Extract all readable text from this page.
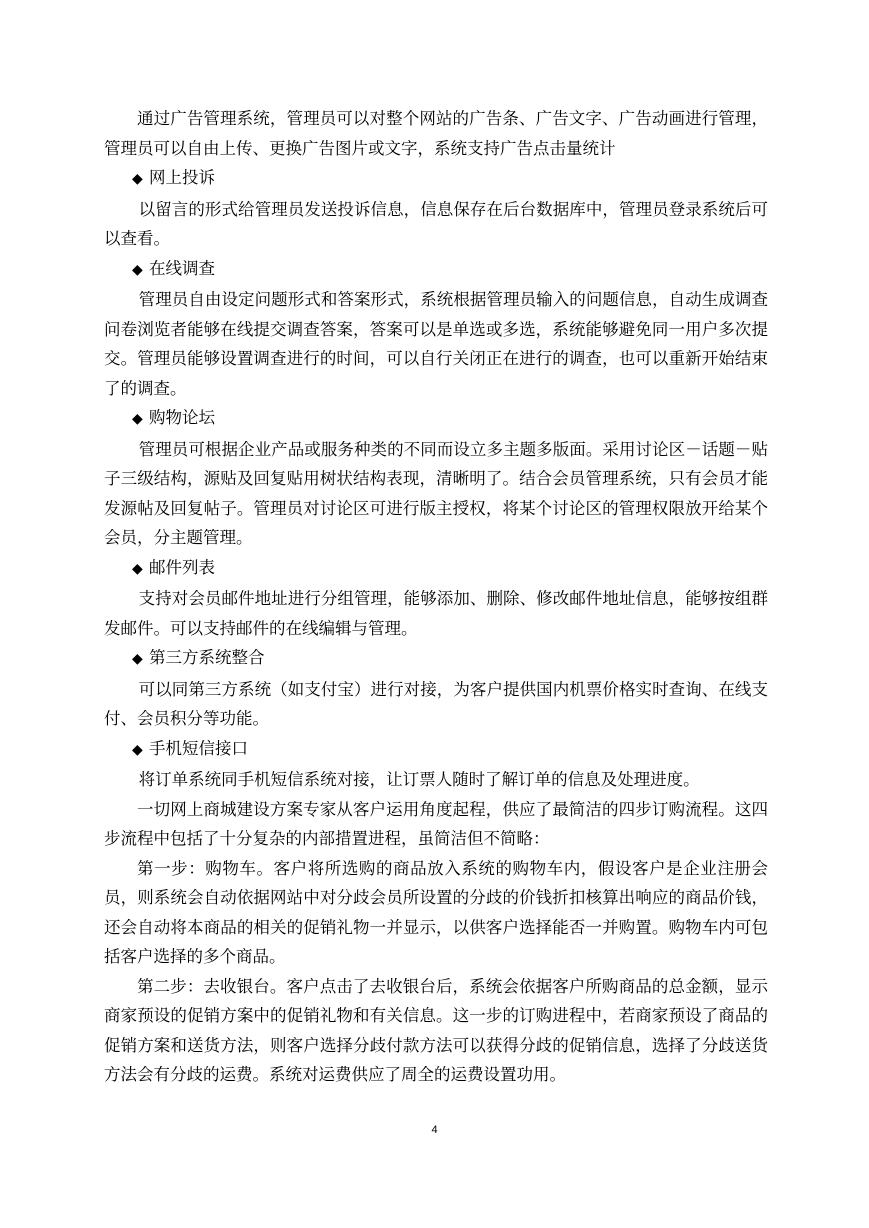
通过广告管理系统，管理员可以对整个网站的广告条、广告文字、广告动画进行管理，管理员可以自由上传、更换广告图片或文字，系统支持广告点击量统计

◆ 网上投诉

以留言的形式给管理员发送投诉信息，信息保存在后台数据库中，管理员登录系统后可以查看。

◆ 在线调查

管理员自由设定问题形式和答案形式，系统根据管理员输入的问题信息，自动生成调查问卷浏览者能够在线提交调查答案，答案可以是单选或多选，系统能够避免同一用户多次提交。管理员能够设置调查进行的时间，可以自行关闭正在进行的调查，也可以重新开始结束了的调查。

◆ 购物论坛

管理员可根据企业产品或服务种类的不同而设立多主题多版面。采用讨论区－话题－贴子三级结构，源贴及回复贴用树状结构表现，清晰明了。结合会员管理系统，只有会员才能发源帖及回复帖子。管理员对讨论区可进行版主授权，将某个讨论区的管理权限放开给某个会员，分主题管理。

◆ 邮件列表

支持对会员邮件地址进行分组管理，能够添加、删除、修改邮件地址信息，能够按组群发邮件。可以支持邮件的在线编辑与管理。

◆ 第三方系统整合

可以同第三方系统（如支付宝）进行对接，为客户提供国内机票价格实时查询、在线支付、会员积分等功能。

◆ 手机短信接口

将订单系统同手机短信系统对接，让订票人随时了解订单的信息及处理进度。

一切网上商城建设方案专家从客户运用角度起程，供应了最简洁的四步订购流程。这四步流程中包括了十分复杂的内部措置进程，虽简洁但不简略：

第一步：购物车。客户将所选购的商品放入系统的购物车内，假设客户是企业注册会员，则系统会自动依据网站中对分歧会员所设置的分歧的价钱折扣核算出响应的商品价钱，还会自动将本商品的相关的促销礼物一并显示，以供客户选择能否一并购置。购物车内可包括客户选择的多个商品。

第二步：去收银台。客户点击了去收银台后，系统会依据客户所购商品的总金额，显示商家预设的促销方案中的促销礼物和有关信息。这一步的订购进程中，若商家预设了商品的促销方案和送货方法，则客户选择分歧付款方法可以获得分歧的促销信息，选择了分歧送货方法会有分歧的运费。系统对运费供应了周全的运费设置功用。

4
